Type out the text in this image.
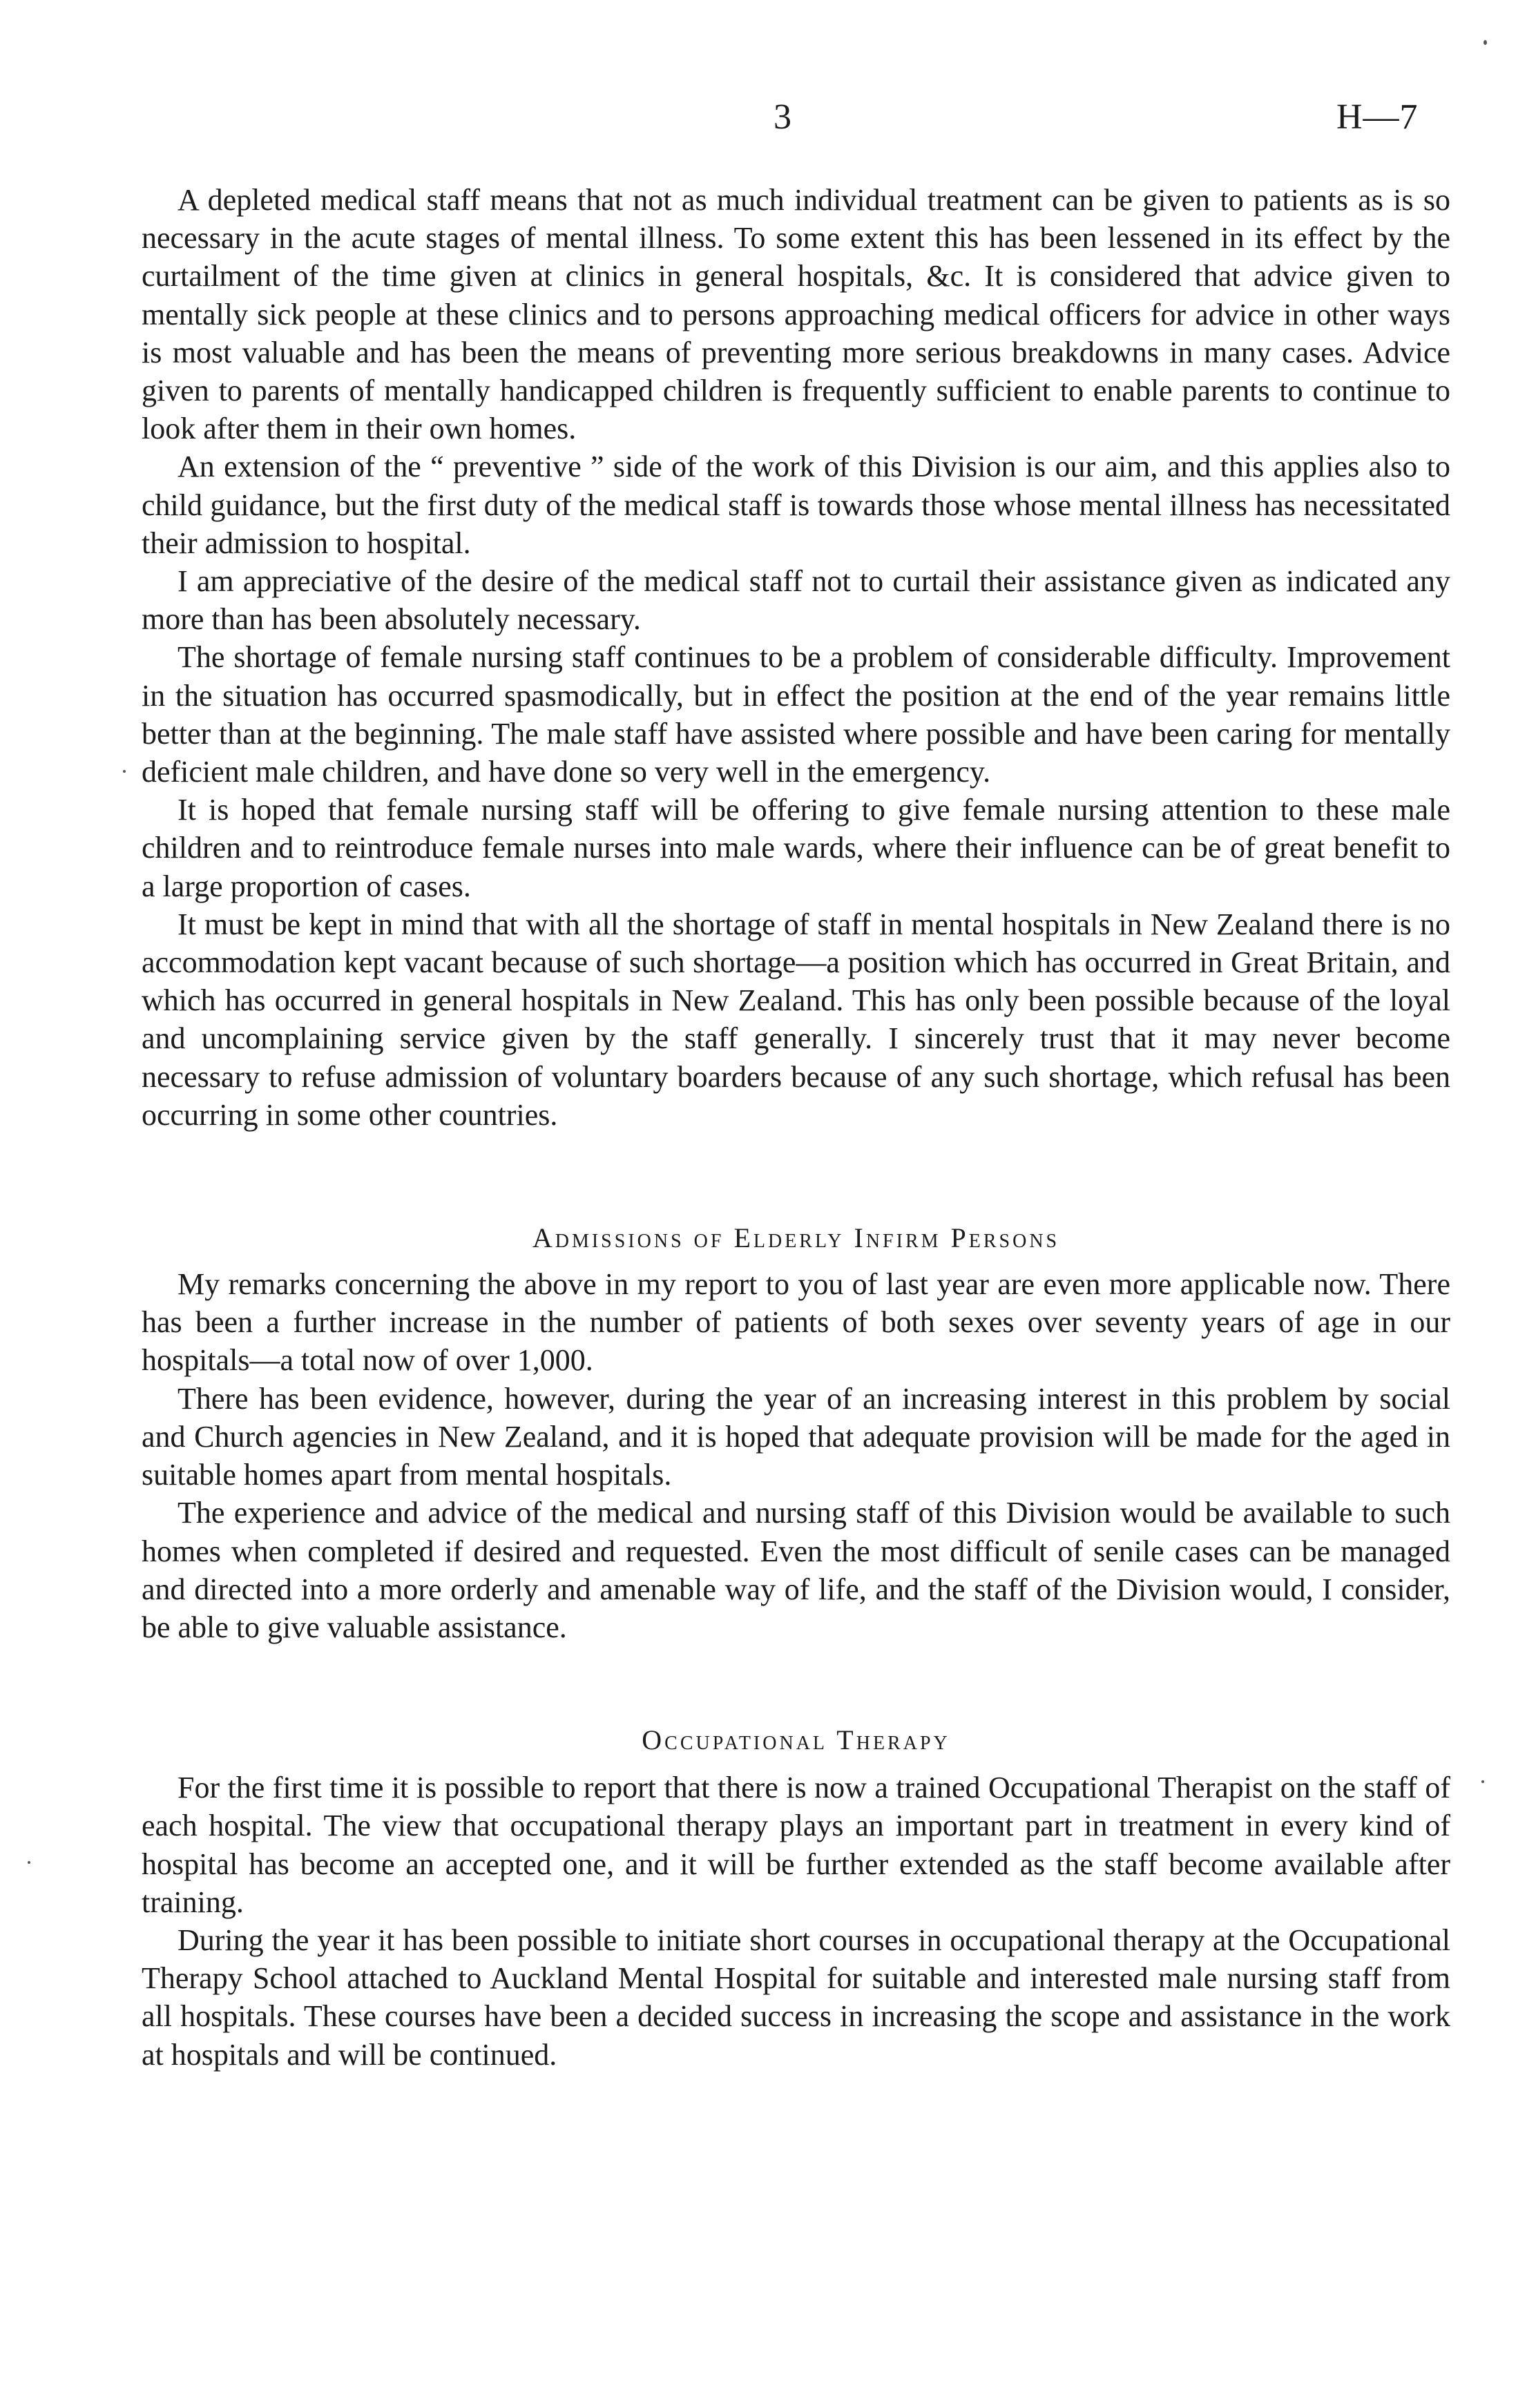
3	H—7

A depleted medical staff means that not as much individual treatment can be given to patients as is so necessary in the acute stages of mental illness. To some extent this has been lessened in its effect by the curtailment of the time given at clinics in general hospitals, &c. It is considered that advice given to mentally sick people at these clinics and to persons approaching medical officers for advice in other ways is most valuable and has been the means of preventing more serious breakdowns in many cases. Advice given to parents of mentally handicapped children is frequently sufficient to enable parents to continue to look after them in their own homes.

An extension of the “ preventive ” side of the work of this Division is our aim, and this applies also to child guidance, but the first duty of the medical staff is towards those whose mental illness has necessitated their admission to hospital.

I am appreciative of the desire of the medical staff not to curtail their assistance given as indicated any more than has been absolutely necessary.

The shortage of female nursing staff continues to be a problem of considerable difficulty. Improvement in the situation has occurred spasmodically, but in effect the position at the end of the year remains little better than at the beginning. The male staff have assisted where possible and have been caring for mentally deficient male children, and have done so very well in the emergency.

It is hoped that female nursing staff will be offering to give female nursing attention to these male children and to reintroduce female nurses into male wards, where their influence can be of great benefit to a large proportion of cases.

It must be kept in mind that with all the shortage of staff in mental hospitals in New Zealand there is no accommodation kept vacant because of such shortage—a position which has occurred in Great Britain, and which has occurred in general hospitals in New Zealand. This has only been possible because of the loyal and uncomplaining service given by the staff generally. I sincerely trust that it may never become necessary to refuse admission of voluntary boarders because of any such shortage, which refusal has been occurring in some other countries.

Admissions of Elderly Infirm Persons

My remarks concerning the above in my report to you of last year are even more applicable now. There has been a further increase in the number of patients of both sexes over seventy years of age in our hospitals—a total now of over 1,000.

There has been evidence, however, during the year of an increasing interest in this problem by social and Church agencies in New Zealand, and it is hoped that adequate provision will be made for the aged in suitable homes apart from mental hospitals.

The experience and advice of the medical and nursing staff of this Division would be available to such homes when completed if desired and requested. Even the most difficult of senile cases can be managed and directed into a more orderly and amenable way of life, and the staff of the Division would, I consider, be able to give valuable assistance.

Occupational Therapy

For the first time it is possible to report that there is now a trained Occupational Therapist on the staff of each hospital. The view that occupational therapy plays an important part in treatment in every kind of hospital has become an accepted one, and it will be further extended as the staff become available after training.

During the year it has been possible to initiate short courses in occupational therapy at the Occupational Therapy School attached to Auckland Mental Hospital for suitable and interested male nursing staff from all hospitals. These courses have been a decided success in increasing the scope and assistance in the work at hospitals and will be continued.
